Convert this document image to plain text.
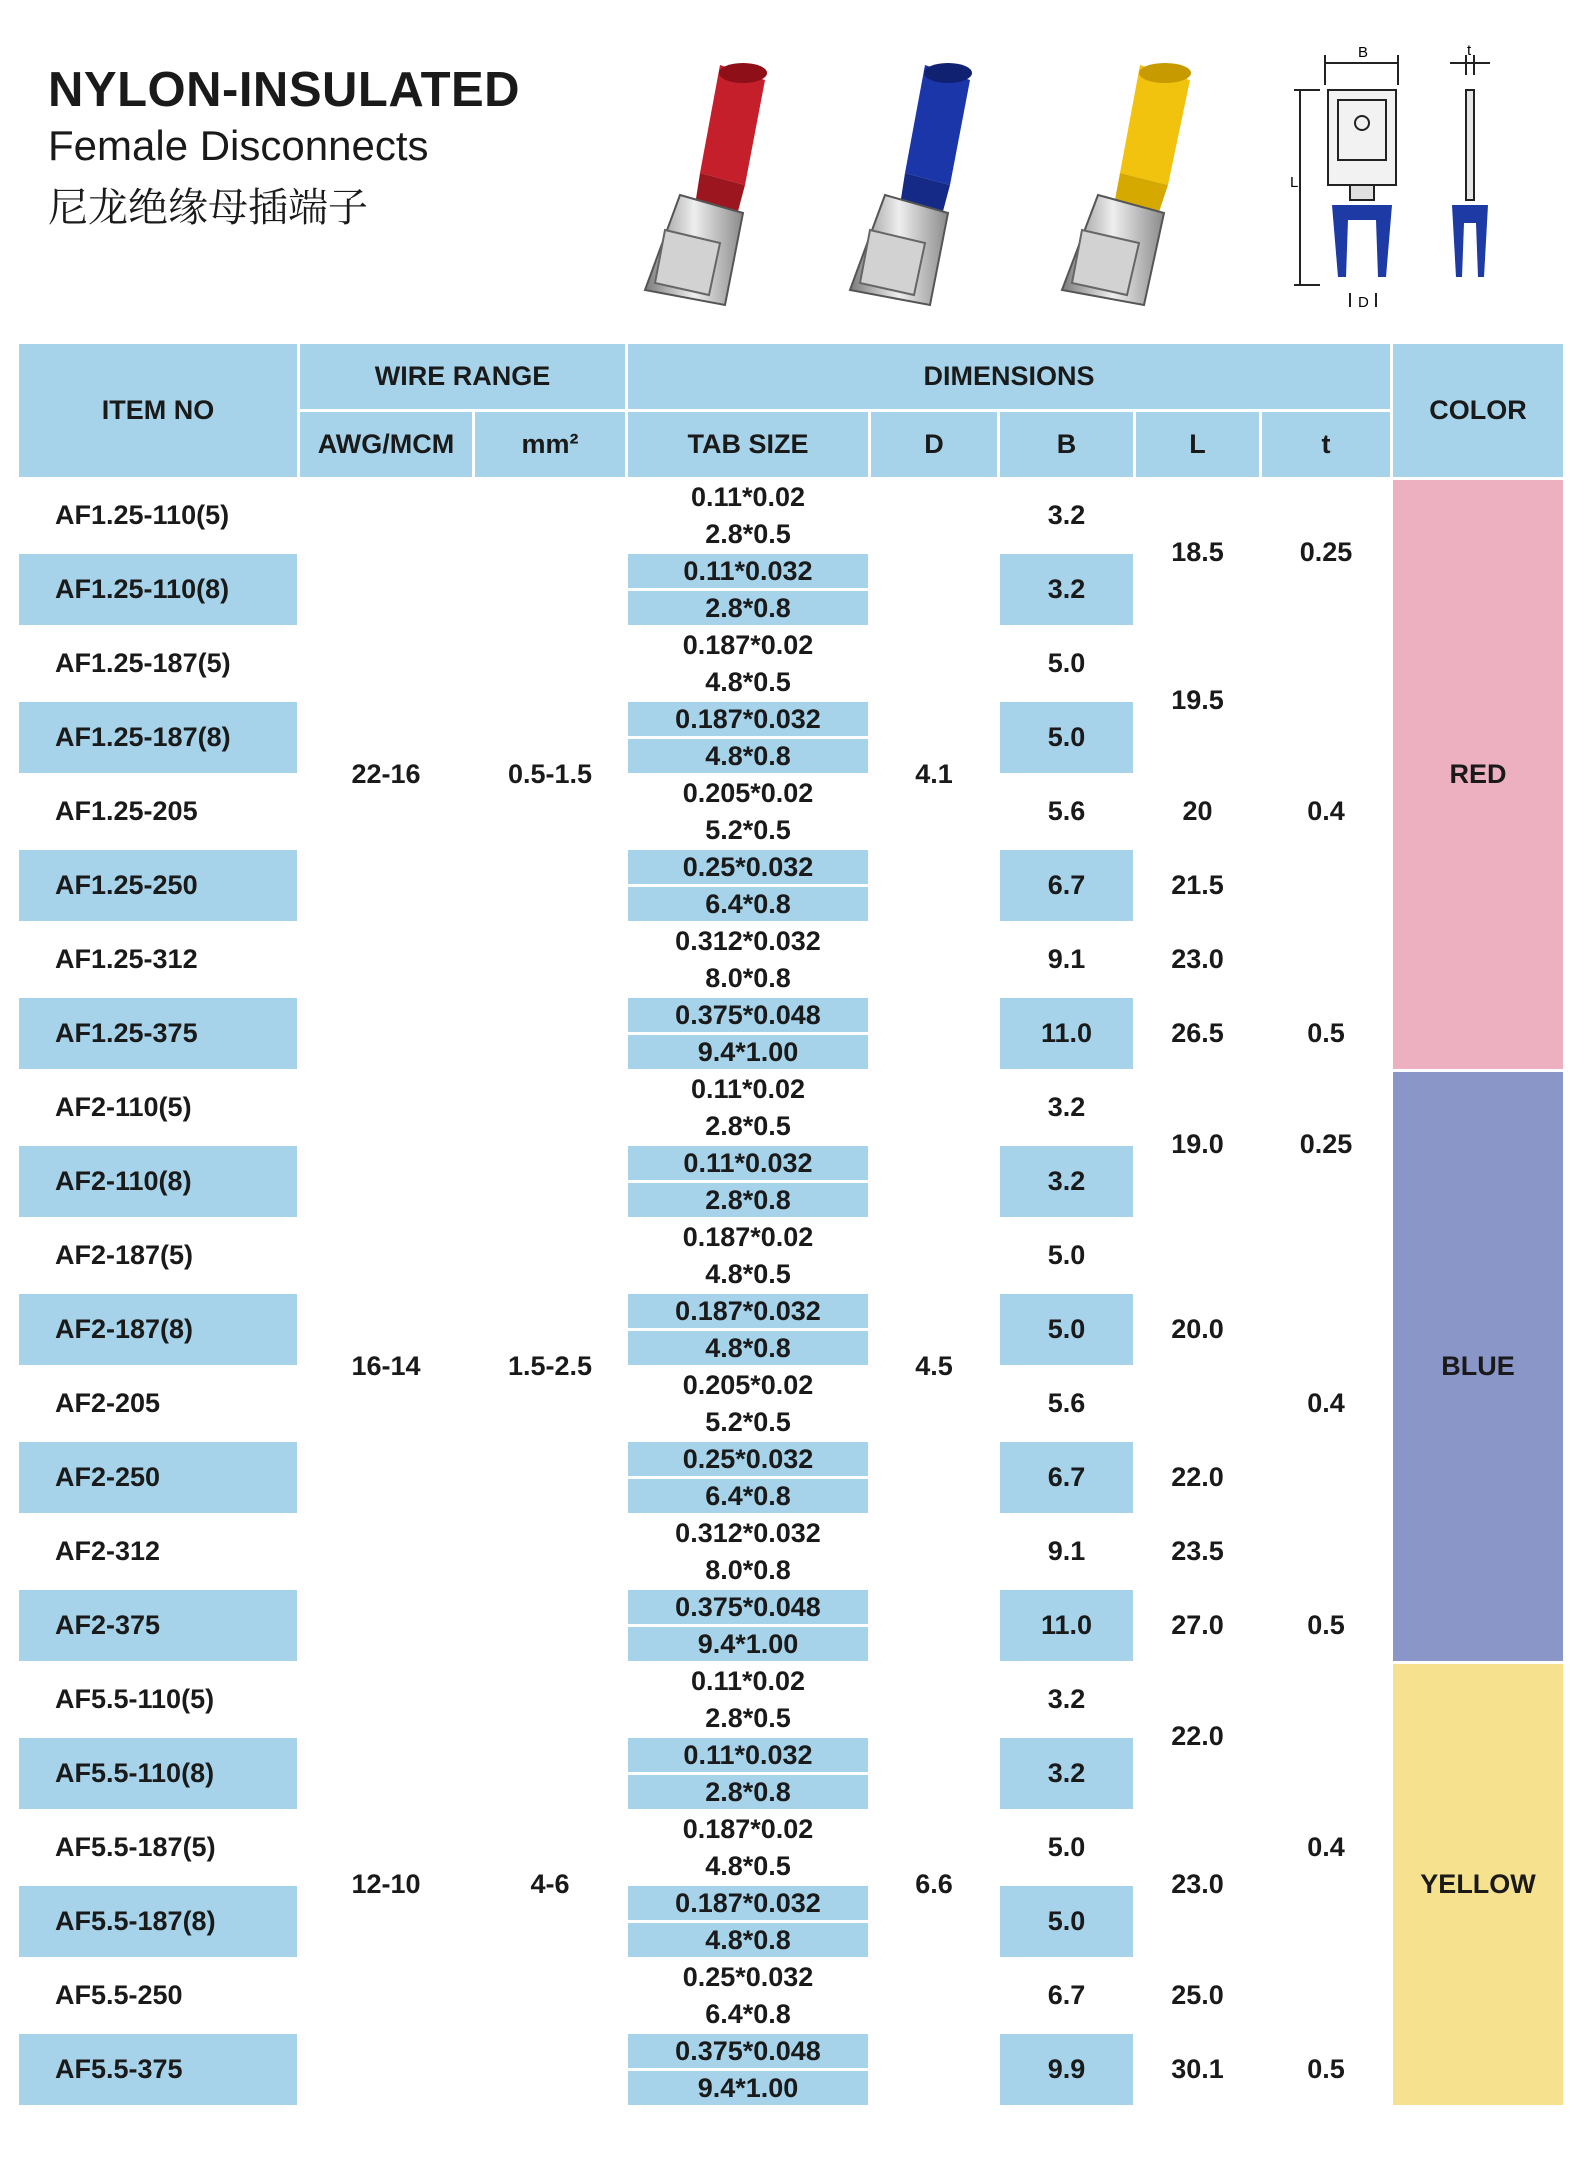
NYLON-INSULATED
Female Disconnects
尼龙绝缘母插端子
B	t
L
D
ITEM NO	WIRE RANGE		DIMENSIONS					COLOR
	AWG/MCM	mm²	TAB SIZE	D	B	L	t	
AF1.25-110(5)	22-16	0.5-1.5	0.11*0.02	4.1	3.2	18.5	0.25	RED
			2.8*0.5					
AF1.25-110(8)			0.11*0.032		3.2			
			2.8*0.8					
AF1.25-187(5)			0.187*0.02		5.0	19.5	0.4	
			4.8*0.5					
AF1.25-187(8)			0.187*0.032		5.0			
			4.8*0.8					
AF1.25-205			0.205*0.02		5.6	20		
			5.2*0.5					
AF1.25-250			0.25*0.032		6.7	21.5		
			6.4*0.8					
AF1.25-312			0.312*0.032		9.1	23.0		
			8.0*0.8					
AF1.25-375			0.375*0.048		11.0	26.5	0.5	
			9.4*1.00					
AF2-110(5)	16-14	1.5-2.5	0.11*0.02	4.5	3.2	19.0	0.25	BLUE
			2.8*0.5					
AF2-110(8)			0.11*0.032		3.2			
			2.8*0.8					
AF2-187(5)			0.187*0.02		5.0	20.0	0.4	
			4.8*0.5					
AF2-187(8)			0.187*0.032		5.0			
			4.8*0.8					
AF2-205			0.205*0.02		5.6			
			5.2*0.5					
AF2-250			0.25*0.032		6.7	22.0		
			6.4*0.8					
AF2-312			0.312*0.032		9.1	23.5		
			8.0*0.8					
AF2-375			0.375*0.048		11.0	27.0	0.5	
			9.4*1.00					
AF5.5-110(5)	12-10	4-6	0.11*0.02	6.6	3.2	22.0	0.4	YELLOW
			2.8*0.5					
AF5.5-110(8)			0.11*0.032		3.2			
			2.8*0.8					
AF5.5-187(5)			0.187*0.02		5.0	23.0		
			4.8*0.5					
AF5.5-187(8)			0.187*0.032		5.0			
			4.8*0.8					
AF5.5-250			0.25*0.032		6.7	25.0		
			6.4*0.8					
AF5.5-375			0.375*0.048		9.9	30.1	0.5	
			9.4*1.00					
